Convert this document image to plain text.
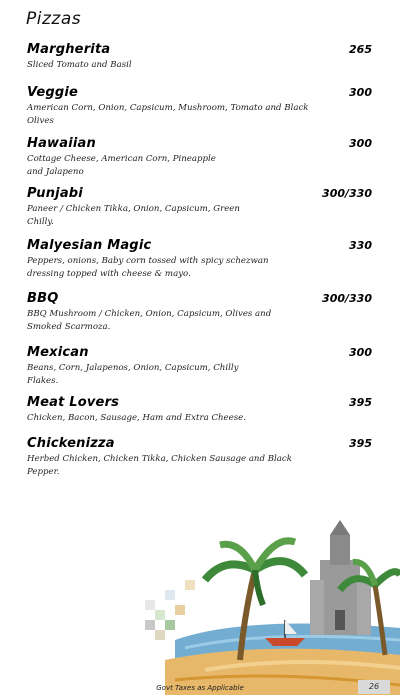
Pizzas
Margherita	265
Sliced Tomato and Basil
Veggie	300
American Corn, Onion, Capsicum, Mushroom, Tomato and Black Olives
Hawaiian	300
Cottage Cheese, American Corn, Pineapple and Jalapeno
Punjabi	300/330
Paneer / Chicken Tikka, Onion, Capsicum, Green Chilly.
Malyesian Magic	330
Peppers, onions, Baby corn tossed with spicy schezwan dressing topped with cheese & mayo.
BBQ	300/330
BBQ Mushroom / Chicken, Onion, Capsicum, Olives and Smoked Scarmoza.
Mexican	300
Beans, Corn, Jalapenos, Onion, Capsicum, Chilly Flakes.
Meat Lovers	395
Chicken, Bacon, Sausage, Ham and Extra Cheese.
Chickenizza	395
Herbed Chicken, Chicken Tikka, Chicken Sausage and Black Pepper.
Govt Taxes as Applicable	26
